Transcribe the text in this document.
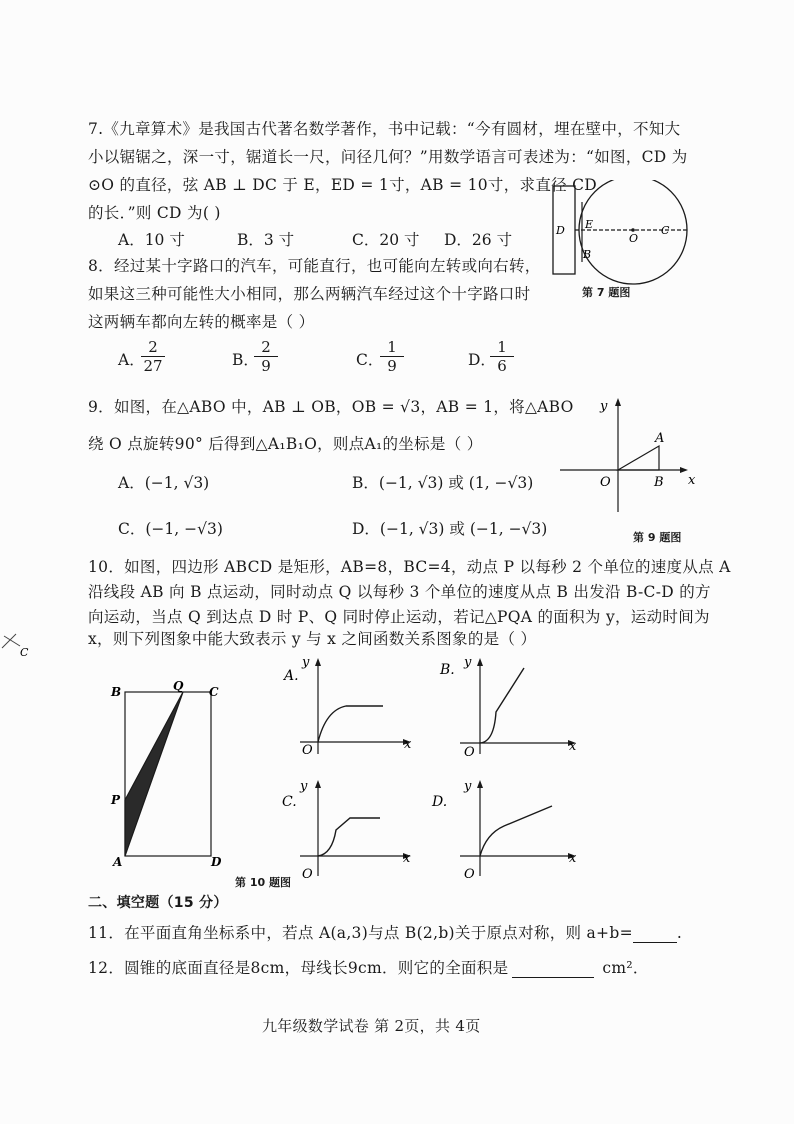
7.《九章算术》是我国古代著名数学著作，书中记载：“今有圆材，埋在壁中，不知大
小以锯锯之，深一寸，锯道长一尺，问径几何？”用数学语言可表述为：“如图，CD 为
⊙O 的直径，弦 AB ⊥ DC 于 E，ED = 1寸，AB = 10寸，求直径 CD
的长．”则 CD 为( )
A．10 寸	B．3 寸	C．20 寸 D．26 寸
D E
O
C
B
第 7 题图
8．经过某十字路口的汽车，可能直行，也可能向左转或向右转，
如果这三种可能性大小相同，那么两辆汽车经过这个十字路口时
这两辆车都向左转的概率是（ ）
A．
$\frac{2}{27}$	B．
$\frac{2}{9}$	C．
$\frac{1}{9}$	D．
$\frac{1}{6}$
9．如图，在△ABO 中，AB ⊥ OB，OB = √3，AB = 1，将△ABO
绕 O 点旋转90° 后得到△A₁B₁O，则点A₁的坐标是（ ）
A．(−1, √3)	B．(−1, √3) 或 (1, −√3)
C．(−1, −√3)	D．(−1, √3) 或 (−1, −√3)
y
x
O
A
B
第 9 题图
10．如图，四边形 ABCD 是矩形，AB=8，BC=4，动点 P 以每秒 2 个单位的速度从点 A
沿线段 AB 向 B 点运动，同时动点 Q 以每秒 3 个单位的速度从点 B 出发沿 B-C-D 的方
向运动，当点 Q 到达点 D 时 P、Q 同时停止运动，若记△PQA 的面积为 y，运动时间为
x，则下列图象中能大致表示 y 与 x 之间函数关系图象的是（ ）
B	Q C
P
A	D
第 10 题图
A.
y
x
O
B. y
x
O
C.
y
x
O
D.
y
x
O
二、填空题（15 分）
11．在平面直角坐标系中，若点 A(a,3)与点 B(2,b)关于原点对称，则 a+b=	.
12．圆锥的底面直径是8cm，母线长9cm．则它的全面积是	cm²．
C
九年级数学试卷 第 2页，共 4页
